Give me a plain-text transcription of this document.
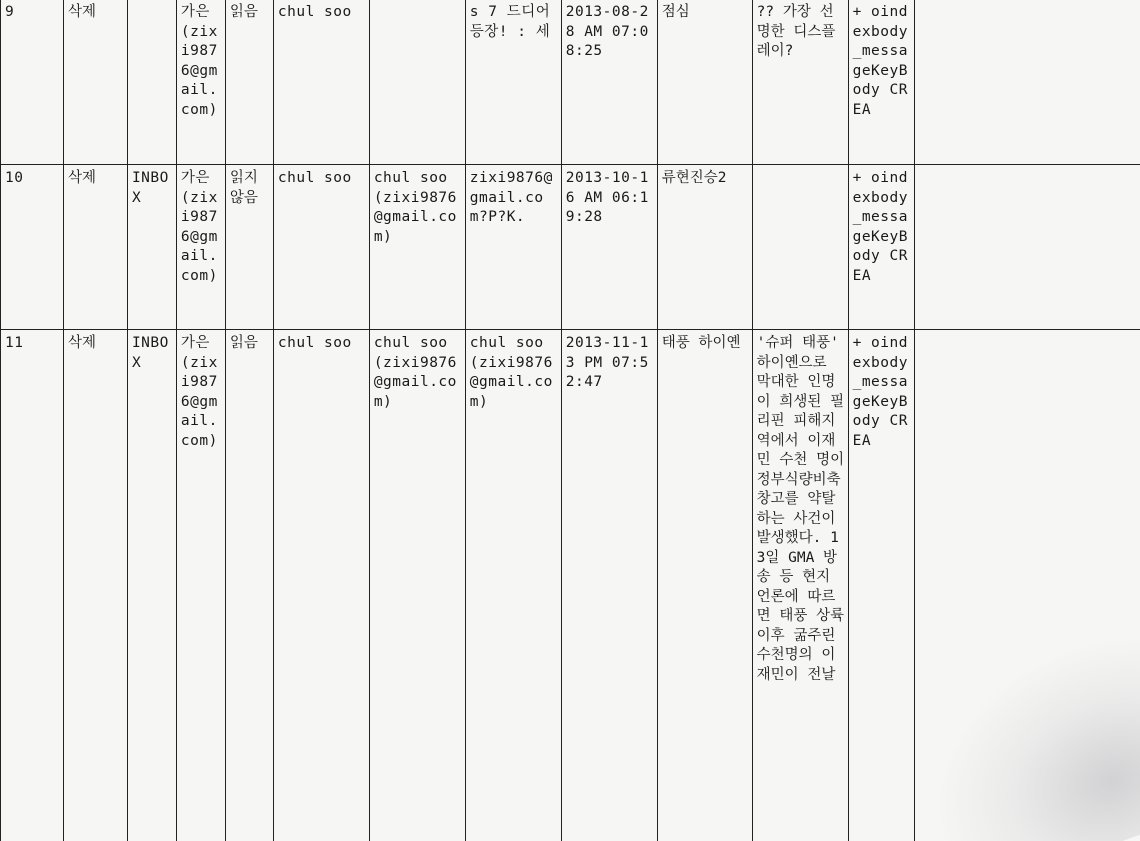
9	삭제		가은(zixi9876@gmail.com)	읽음	chul soo		s 7 드디어 등장! : 세	2013-08-28 AM 07:08:25	점심	?? 가장 선명한 디스플레이?	+ oindexbody_messageKeyBody CREA	
10	삭제	INBOX	가은(zixi9876@gmail.com)	읽지않음	chul soo	chul soo(zixi9876@gmail.com)	zixi9876@gmail.com?P?K.	2013-10-16 AM 06:19:28	류현진승2		+ oindexbody_messageKeyBody CREA	
11	삭제	INBOX	가은(zixi9876@gmail.com)	읽음	chul soo	chul soo(zixi9876@gmail.com)	chul soo(zixi9876@gmail.com)	2013-11-13 PM 07:52:47	태풍 하이옌	'슈퍼 태풍' 하이옌으로 막대한 인명이 희생된 필리핀 피해지역에서 이재민 수천 명이 정부식량비축창고를 약탈하는 사건이 발생했다. 13일 GMA 방송 등 현지 언론에 따르면 태풍 상륙이후 굶주린 수천명의 이재민이 전날	+ oindexbody_messageKeyBody CREA	
